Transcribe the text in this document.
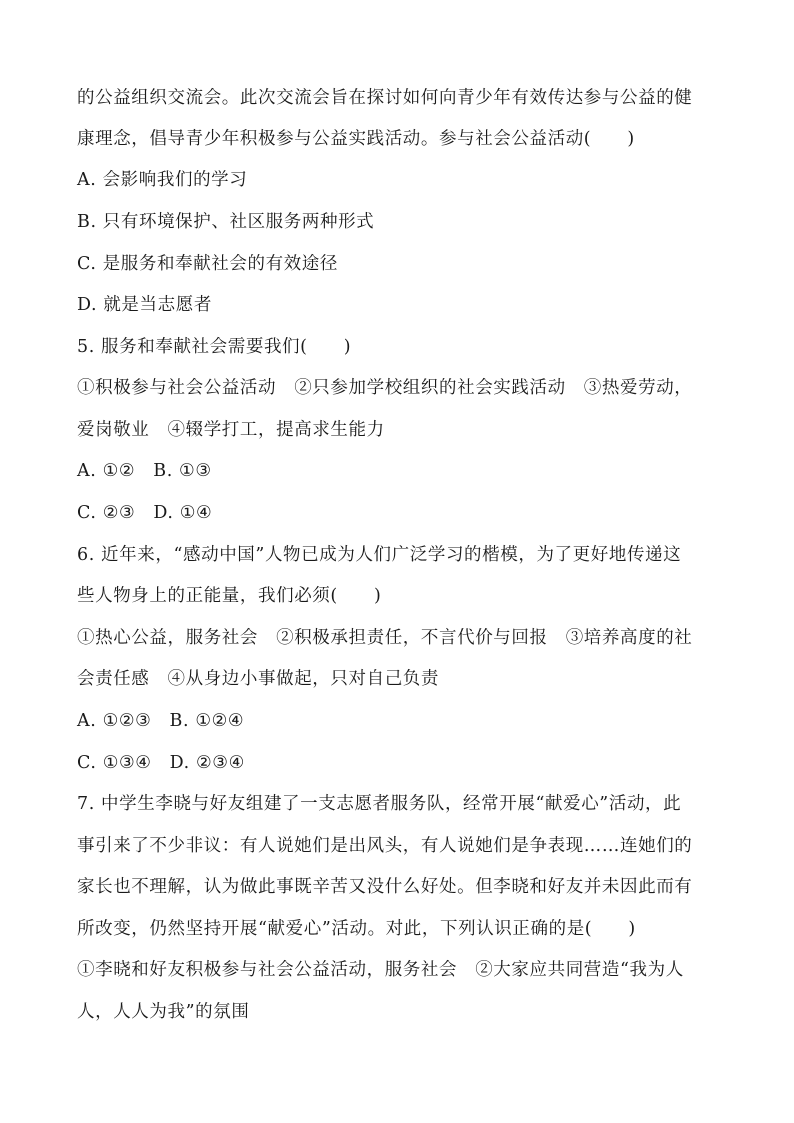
的公益组织交流会。此次交流会旨在探讨如何向青少年有效传达参与公益的健
康理念，倡导青少年积极参与公益实践活动。参与社会公益活动(　　)
A. 会影响我们的学习
B. 只有环境保护、社区服务两种形式
C. 是服务和奉献社会的有效途径
D. 就是当志愿者
5. 服务和奉献社会需要我们(　　)
①积极参与社会公益活动　②只参加学校组织的社会实践活动　③热爱劳动，
爱岗敬业　④辍学打工，提高求生能力
A. ①②　B. ①③
C. ②③　D. ①④
6. 近年来，“感动中国”人物已成为人们广泛学习的楷模，为了更好地传递这
些人物身上的正能量，我们必须(　　)
①热心公益，服务社会　②积极承担责任，不言代价与回报　③培养高度的社
会责任感　④从身边小事做起，只对自己负责
A. ①②③　B. ①②④
C. ①③④　D. ②③④
7. 中学生李晓与好友组建了一支志愿者服务队，经常开展“献爱心”活动，此
事引来了不少非议：有人说她们是出风头，有人说她们是争表现……连她们的
家长也不理解，认为做此事既辛苦又没什么好处。但李晓和好友并未因此而有
所改变，仍然坚持开展“献爱心”活动。对此，下列认识正确的是(　　)
①李晓和好友积极参与社会公益活动，服务社会　②大家应共同营造“我为人
人，人人为我”的氛围
